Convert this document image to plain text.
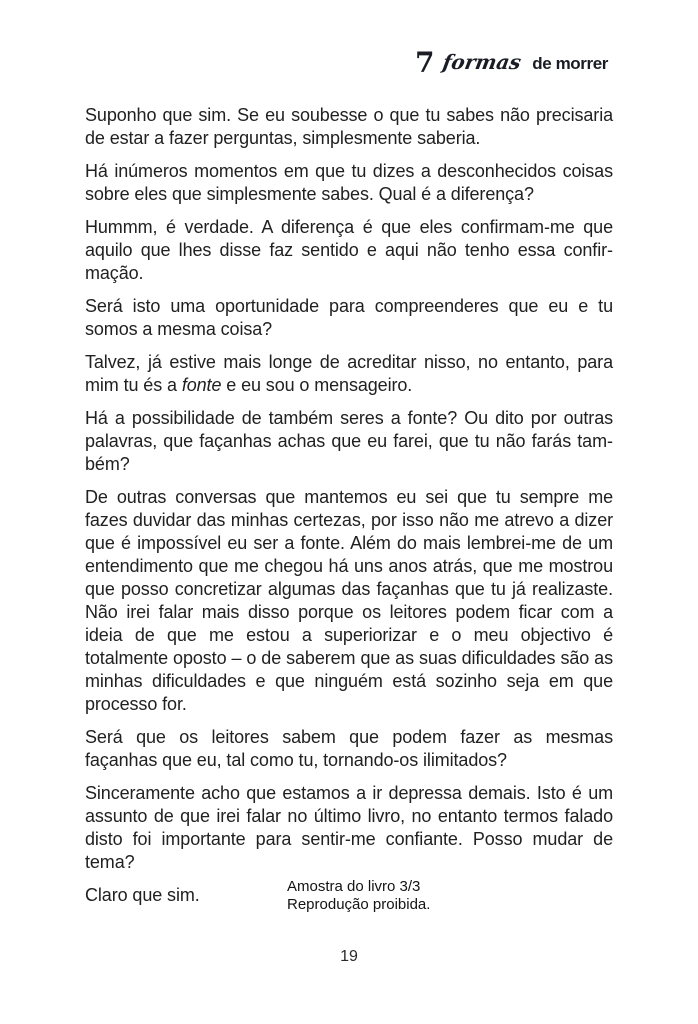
7 formas de morrer

Suponho que sim. Se eu soubesse o que tu sabes não precisaria de estar a fazer perguntas, simplesmente saberia.

Há inúmeros momentos em que tu dizes a desconhecidos coisas sobre eles que simplesmente sabes. Qual é a diferença?

Hummm, é verdade. A diferença é que eles confirmam-me que aquilo que lhes disse faz sentido e aqui não tenho essa confirmação.

Será isto uma oportunidade para compreenderes que eu e tu somos a mesma coisa?

Talvez, já estive mais longe de acreditar nisso, no entanto, para mim tu és a fonte e eu sou o mensageiro.

Há a possibilidade de também seres a fonte? Ou dito por outras palavras, que façanhas achas que eu farei, que tu não farás também?

De outras conversas que mantemos eu sei que tu sempre me fazes duvidar das minhas certezas, por isso não me atrevo a dizer que é impossível eu ser a fonte. Além do mais lembrei-me de um entendimento que me chegou há uns anos atrás, que me mostrou que posso concretizar algumas das façanhas que tu já realizaste. Não irei falar mais disso porque os leitores podem ficar com a ideia de que me estou a superiorizar e o meu objectivo é totalmente oposto – o de saberem que as suas dificuldades são as minhas dificuldades e que ninguém está sozinho seja em que processo for.

Será que os leitores sabem que podem fazer as mesmas façanhas que eu, tal como tu, tornando-os ilimitados?

Sinceramente acho que estamos a ir depressa demais. Isto é um assunto de que irei falar no último livro, no entanto termos falado disto foi importante para sentir-me confiante. Posso mudar de tema?

Claro que sim.	Amostra do livro 3/3
Reprodução proibida.
19
